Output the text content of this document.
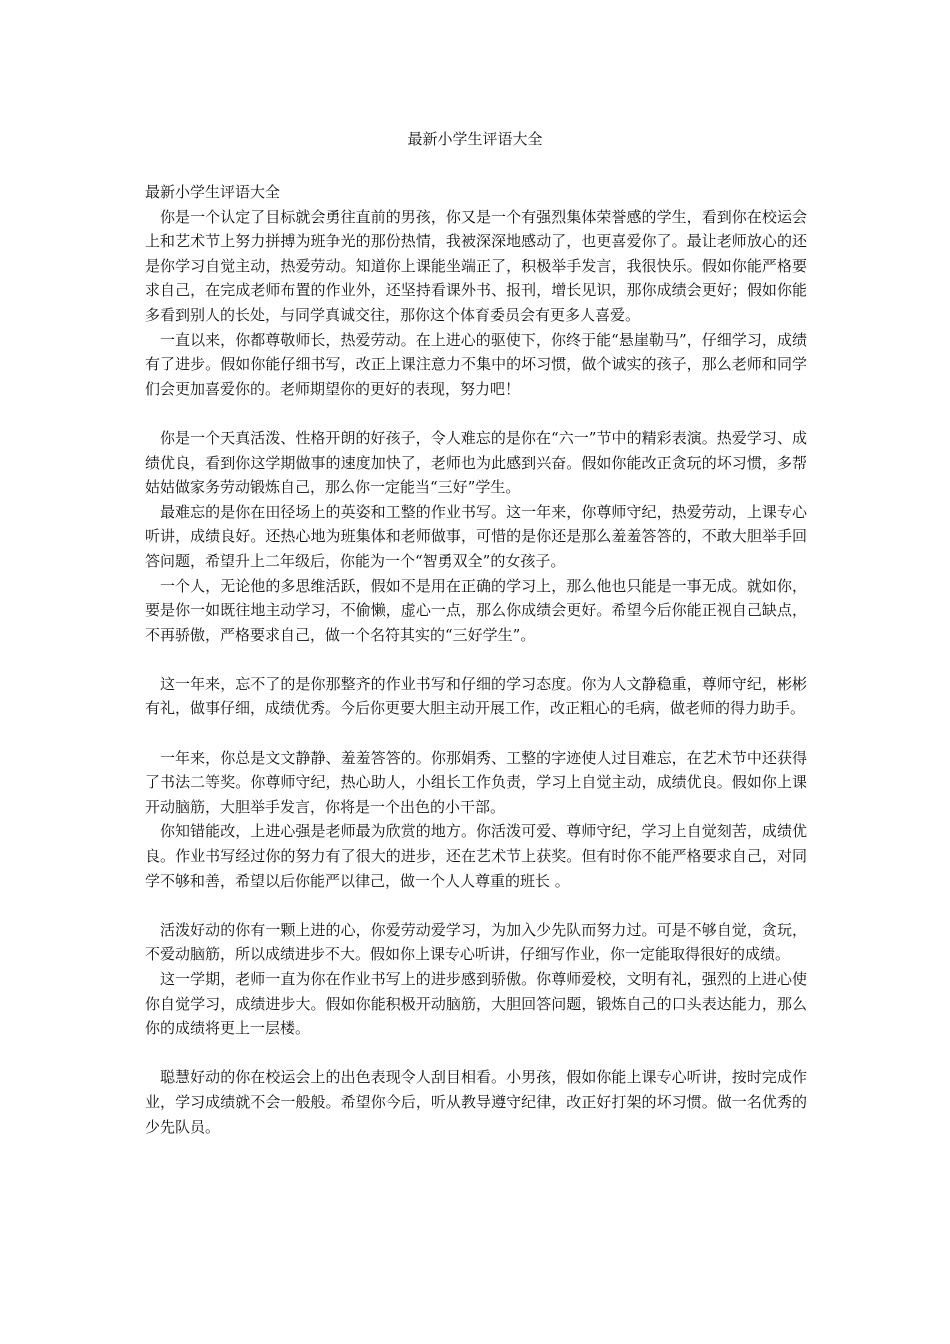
最新小学生评语大全

最新小学生评语大全

你是一个认定了目标就会勇往直前的男孩，你又是一个有强烈集体荣誉感的学生，看到你在校运会上和艺术节上努力拼搏为班争光的那份热情，我被深深地感动了，也更喜爱你了。最让老师放心的还是你学习自觉主动，热爱劳动。知道你上课能坐端正了，积极举手发言，我很快乐。假如你能严格要求自己，在完成老师布置的作业外，还坚持看课外书、报刊，增长见识，那你成绩会更好；假如你能多看到别人的长处，与同学真诚交往，那你这个体育委员会有更多人喜爱。

一直以来，你都尊敬师长，热爱劳动。在上进心的驱使下，你终于能“悬崖勒马”，仔细学习，成绩有了进步。假如你能仔细书写，改正上课注意力不集中的坏习惯，做个诚实的孩子，那么老师和同学们会更加喜爱你的。老师期望你的更好的表现，努力吧！

你是一个天真活泼、性格开朗的好孩子，令人难忘的是你在“六一”节中的精彩表演。热爱学习、成绩优良，看到你这学期做事的速度加快了，老师也为此感到兴奋。假如你能改正贪玩的坏习惯，多帮姑姑做家务劳动锻炼自己，那么你一定能当“三好”学生。

最难忘的是你在田径场上的英姿和工整的作业书写。这一年来，你尊师守纪，热爱劳动，上课专心听讲，成绩良好。还热心地为班集体和老师做事，可惜的是你还是那么羞羞答答的，不敢大胆举手回答问题，希望升上二年级后，你能为一个“智勇双全”的女孩子。

一个人，无论他的多思维活跃，假如不是用在正确的学习上，那么他也只能是一事无成。就如你，要是你一如既往地主动学习，不偷懒，虚心一点，那么你成绩会更好。希望今后你能正视自己缺点，不再骄傲，严格要求自己，做一个名符其实的“三好学生”。

这一年来，忘不了的是你那整齐的作业书写和仔细的学习态度。你为人文静稳重，尊师守纪，彬彬有礼，做事仔细，成绩优秀。今后你更要大胆主动开展工作，改正粗心的毛病，做老师的得力助手。

一年来，你总是文文静静、羞羞答答的。你那娟秀、工整的字迹使人过目难忘，在艺术节中还获得了书法二等奖。你尊师守纪，热心助人，小组长工作负责，学习上自觉主动，成绩优良。假如你上课开动脑筋，大胆举手发言，你将是一个出色的小干部。

你知错能改，上进心强是老师最为欣赏的地方。你活泼可爱、尊师守纪，学习上自觉刻苦，成绩优良。作业书写经过你的努力有了很大的进步，还在艺术节上获奖。但有时你不能严格要求自己，对同学不够和善，希望以后你能严以律己，做一个人人尊重的班长 。

活泼好动的你有一颗上进的心，你爱劳动爱学习，为加入少先队而努力过。可是不够自觉，贪玩，不爱动脑筋，所以成绩进步不大。假如你上课专心听讲，仔细写作业，你一定能取得很好的成绩。

这一学期，老师一直为你在作业书写上的进步感到骄傲。你尊师爱校，文明有礼，强烈的上进心使你自觉学习，成绩进步大。假如你能积极开动脑筋，大胆回答问题，锻炼自己的口头表达能力，那么你的成绩将更上一层楼。

聪慧好动的你在校运会上的出色表现令人刮目相看。小男孩，假如你能上课专心听讲，按时完成作业，学习成绩就不会一般般。希望你今后，听从教导遵守纪律，改正好打架的坏习惯。做一名优秀的少先队员。
